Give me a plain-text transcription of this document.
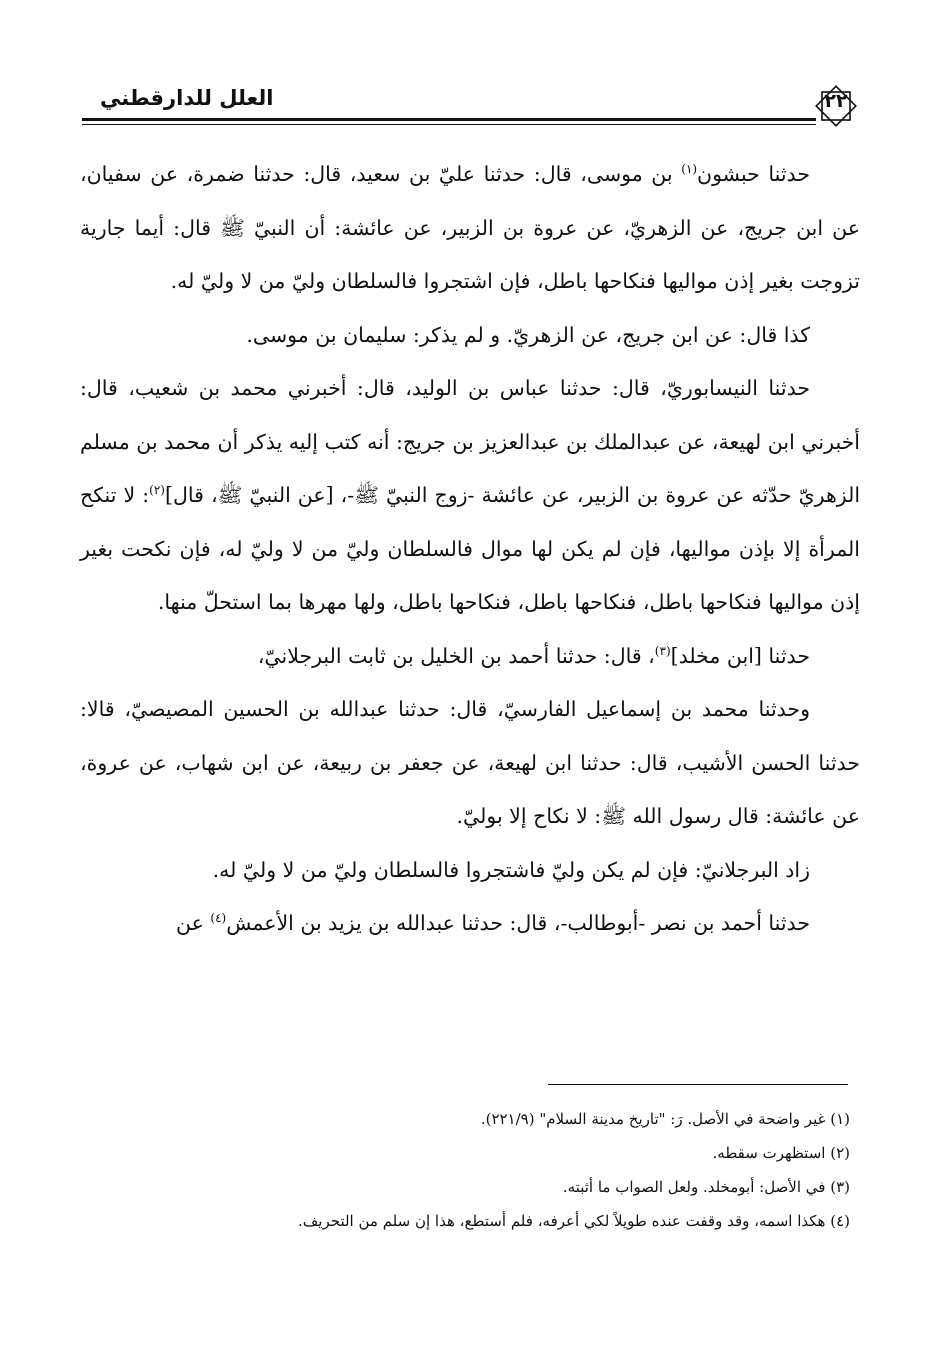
العلل للدارقطني	٢٢

حدثنا حبشون$^{(١)}$ بن موسى، قال: حدثنا عليّ بن سعيد، قال: حدثنا ضمرة، عن سفيان، عن ابن جريج، عن الزهريّ، عن عروة بن الزبير، عن عائشة: أن النبيّ ﷺ قال: أيما جارية تزوجت بغير إذن مواليها فنكاحها باطل، فإن اشتجروا فالسلطان وليّ من لا وليّ له.

كذا قال: عن ابن جريج، عن الزهريّ. و لم يذكر: سليمان بن موسى.

حدثنا النيسابوريّ، قال: حدثنا عباس بن الوليد، قال: أخبرني محمد بن شعيب، قال: أخبرني ابن لهيعة، عن عبدالملك بن عبدالعزيز بن جريج: أنه كتب إليه يذكر أن محمد بن مسلم الزهريّ حدّثه عن عروة بن الزبير، عن عائشة -زوج النبيّ ﷺ-، [عن النبيّ ﷺ، قال]$^{(٢)}$: لا تنكح المرأة إلا بإذن مواليها، فإن لم يكن لها موال فالسلطان وليّ من لا وليّ له، فإن نكحت بغير إذن مواليها فنكاحها باطل، فنكاحها باطل، فنكاحها باطل، ولها مهرها بما استحلّ منها.

حدثنا [ابن مخلد]$^{(٣)}$، قال: حدثنا أحمد بن الخليل بن ثابت البرجلانيّ،

وحدثنا محمد بن إسماعيل الفارسيّ، قال: حدثنا عبدالله بن الحسين المصيصيّ، قالا: حدثنا الحسن الأشيب، قال: حدثنا ابن لهيعة، عن جعفر بن ربيعة، عن ابن شهاب، عن عروة، عن عائشة: قال رسول الله ﷺ: لا نكاح إلا بوليّ.

زاد البرجلانيّ: فإن لم يكن وليّ فاشتجروا فالسلطان وليّ من لا وليّ له.

حدثنا أحمد بن نصر -أبوطالب-، قال: حدثنا عبدالله بن يزيد بن الأعمش$^{(٤)}$ عن

(١) غير واضحة في الأصل. رَ: "تاريخ مدينة السلام" (٢٢١/٩).

(٢) استظهرت سقطه.

(٣) في الأصل: أبومخلد. ولعل الصواب ما أثبته.

(٤) هكذا اسمه، وقد وقفت عنده طويلاً لكي أعرفه، فلم أستطع، هذا إن سلم من التحريف.
